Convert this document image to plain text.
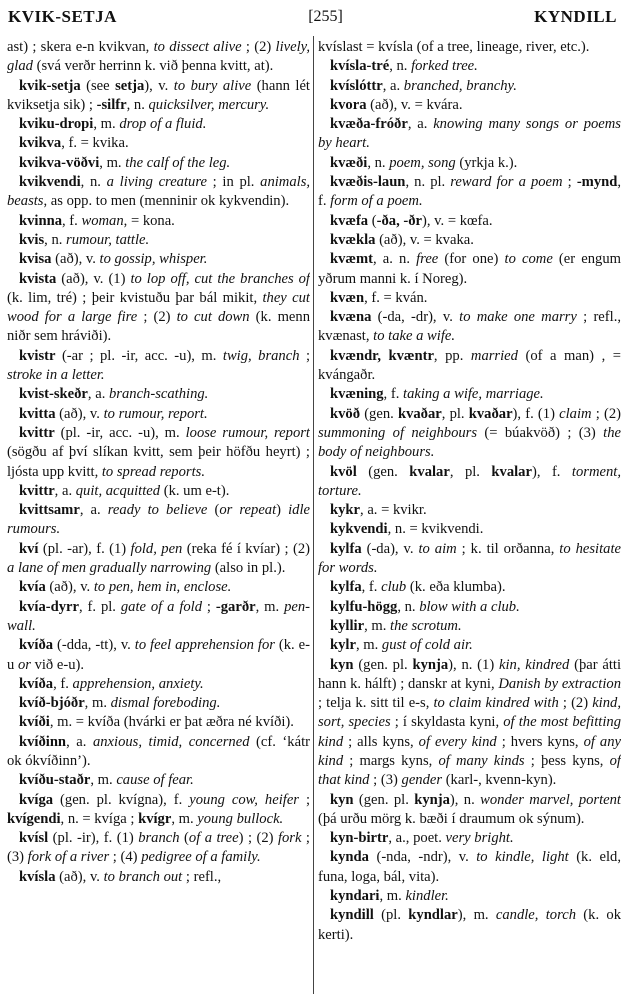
KVIK-SETJA	[255]	KYNDILL

ast) ; skera e-n kvikvan, to dissect alive ; (2) lively, glad (svá verðr herrinn k. við þenna kvitt, at).

kvik-setja (see setja), v. to bury alive (hann lét kviksetja sik) ; -silfr, n. quicksilver, mercury.

kviku-dropi, m. drop of a fluid.

kvikva, f. = kvika.

kvikva-vöðvi, m. the calf of the leg.

kvikvendi, n. a living creature ; in pl. animals, beasts, as opp. to men (menninir ok kykvendin).

kvinna, f. woman, = kona.

kvis, n. rumour, tattle.

kvisa (að), v. to gossip, whisper.

kvista (að), v. (1) to lop off, cut the branches of (k. lim, tré) ; þeir kvistuðu þar bál mikit, they cut wood for a large fire ; (2) to cut down (k. menn niðr sem hráviði).

kvistr (-ar ; pl. -ir, acc. -u), m. twig, branch ; stroke in a letter.

kvist-skeðr, a. branch-scathing.

kvitta (að), v. to rumour, report.

kvittr (pl. -ir, acc. -u), m. loose rumour, report (sögðu af því slíkan kvitt, sem þeir höfðu heyrt) ; ljósta upp kvitt, to spread reports.

kvittr, a. quit, acquitted (k. um e-t).

kvittsamr, a. ready to believe (or repeat) idle rumours.

kví (pl. -ar), f. (1) fold, pen (reka fé í kvíar) ; (2) a lane of men gradually narrowing (also in pl.).

kvía (að), v. to pen, hem in, enclose.

kvía-dyrr, f. pl. gate of a fold ; -garðr, m. pen-wall.

kvíða (-dda, -tt), v. to feel apprehension for (k. e-u or við e-u).

kvíða, f. apprehension, anxiety.

kvíð-bjóðr, m. dismal foreboding.

kvíði, m. = kvíða (hvárki er þat æðra né kvíði).

kvíðinn, a. anxious, timid, concerned (cf. ‘kátr ok ókvíðinn’).

kvíðu-staðr, m. cause of fear.

kvíga (gen. pl. kvígna), f. young cow, heifer ; kvígendi, n. = kvíga ; kvígr, m. young bullock.

kvísl (pl. -ir), f. (1) branch (of a tree) ; (2) fork ; (3) fork of a river ; (4) pedigree of a family.

kvísla (að), v. to branch out ; refl.,

kvíslast = kvísla (of a tree, lineage, river, etc.).

kvísla-tré, n. forked tree.

kvíslóttr, a. branched, branchy.

kvora (að), v. = kvára.

kvæða-fróðr, a. knowing many songs or poems by heart.

kvæði, n. poem, song (yrkja k.).

kvæðis-laun, n. pl. reward for a poem ; -mynd, f. form of a poem.

kvæfa (-ða, -ðr), v. = kœfa.

kvækla (að), v. = kvaka.

kvæmt, a. n. free (for one) to come (er engum yðrum manni k. í Noreg).

kvæn, f. = kván.

kvæna (-da, -dr), v. to make one marry ; refl., kvænast, to take a wife.

kvændr, kvæntr, pp. married (of a man) , = kvángaðr.

kvæning, f. taking a wife, marriage.

kvöð (gen. kvaðar, pl. kvaðar), f. (1) claim ; (2) summoning of neighbours (= búakvöð) ; (3) the body of neighbours.

kvöl (gen. kvalar, pl. kvalar), f. torment, torture.

kykr, a. = kvikr.

kykvendi, n. = kvikvendi.

kylfa (-da), v. to aim ; k. til orðanna, to hesitate for words.

kylfa, f. club (k. eða klumba).

kylfu-högg, n. blow with a club.

kyllir, m. the scrotum.

kylr, m. gust of cold air.

kyn (gen. pl. kynja), n. (1) kin, kindred (þar átti hann k. hálft) ; danskr at kyni, Danish by extraction ; telja k. sitt til e-s, to claim kindred with ; (2) kind, sort, species ; í skyldasta kyni, of the most befitting kind ; alls kyns, of every kind ; hvers kyns, of any kind ; margs kyns, of many kinds ; þess kyns, of that kind ; (3) gender (karl-, kvenn-kyn).

kyn (gen. pl. kynja), n. wonder marvel, portent (þá urðu mörg k. bæði í draumum ok sýnum).

kyn-birtr, a., poet. very bright.

kynda (-nda, -ndr), v. to kindle, light (k. eld, funa, loga, bál, vita).

kyndari, m. kindler.

kyndill (pl. kyndlar), m. candle, torch (k. ok kerti).
